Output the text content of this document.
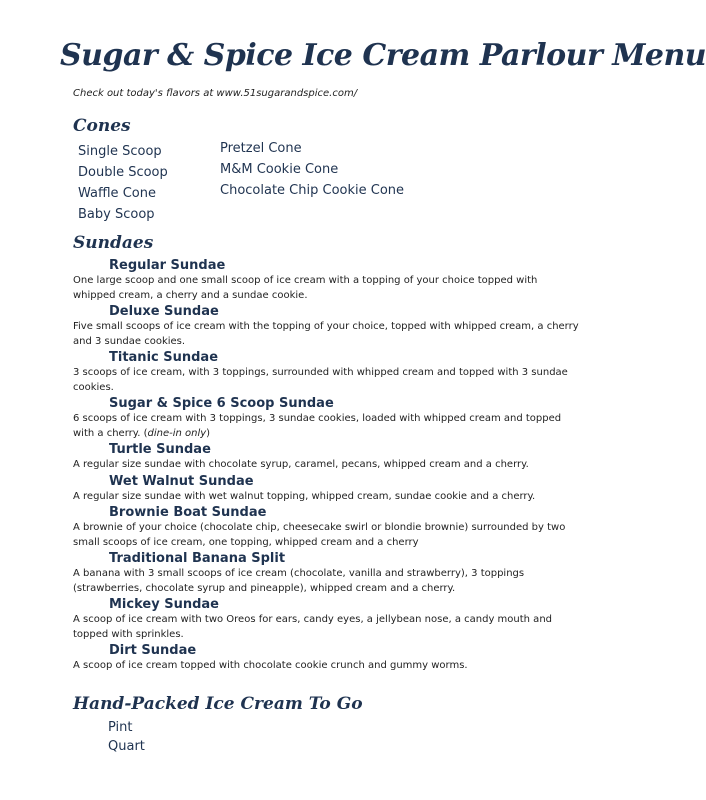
Sugar & Spice Ice Cream Parlour Menu
Check out today's flavors at www.51sugarandspice.com/
Cones
Single Scoop
Double Scoop
Waffle Cone
Baby Scoop
Pretzel Cone
M&M Cookie Cone
Chocolate Chip Cookie Cone
Sundaes
Regular Sundae
One large scoop and one small scoop of ice cream with a topping of your choice topped with whipped cream, a cherry and a sundae cookie.
Deluxe Sundae
Five small scoops of ice cream with the topping of your choice, topped with whipped cream, a cherry and 3 sundae cookies.
Titanic Sundae
3 scoops of ice cream, with 3 toppings, surrounded with whipped cream and topped with 3 sundae cookies.
Sugar & Spice 6 Scoop Sundae
6 scoops of ice cream with 3 toppings, 3 sundae cookies, loaded with whipped cream and topped with a cherry. (dine-in only)
Turtle Sundae
A regular size sundae with chocolate syrup, caramel, pecans, whipped cream and a cherry.
Wet Walnut Sundae
A regular size sundae with wet walnut topping, whipped cream, sundae cookie and a cherry.
Brownie Boat Sundae
A brownie of your choice (chocolate chip, cheesecake swirl or blondie brownie) surrounded by two small scoops of ice cream, one topping, whipped cream and a cherry
Traditional Banana Split
A banana with 3 small scoops of ice cream (chocolate, vanilla and strawberry), 3 toppings (strawberries, chocolate syrup and pineapple), whipped cream and a cherry.
Mickey Sundae
A scoop of ice cream with two Oreos for ears, candy eyes, a jellybean nose, a candy mouth and topped with sprinkles.
Dirt Sundae
A scoop of ice cream topped with chocolate cookie crunch and gummy worms.
Hand-Packed Ice Cream To Go
Pint
Quart
